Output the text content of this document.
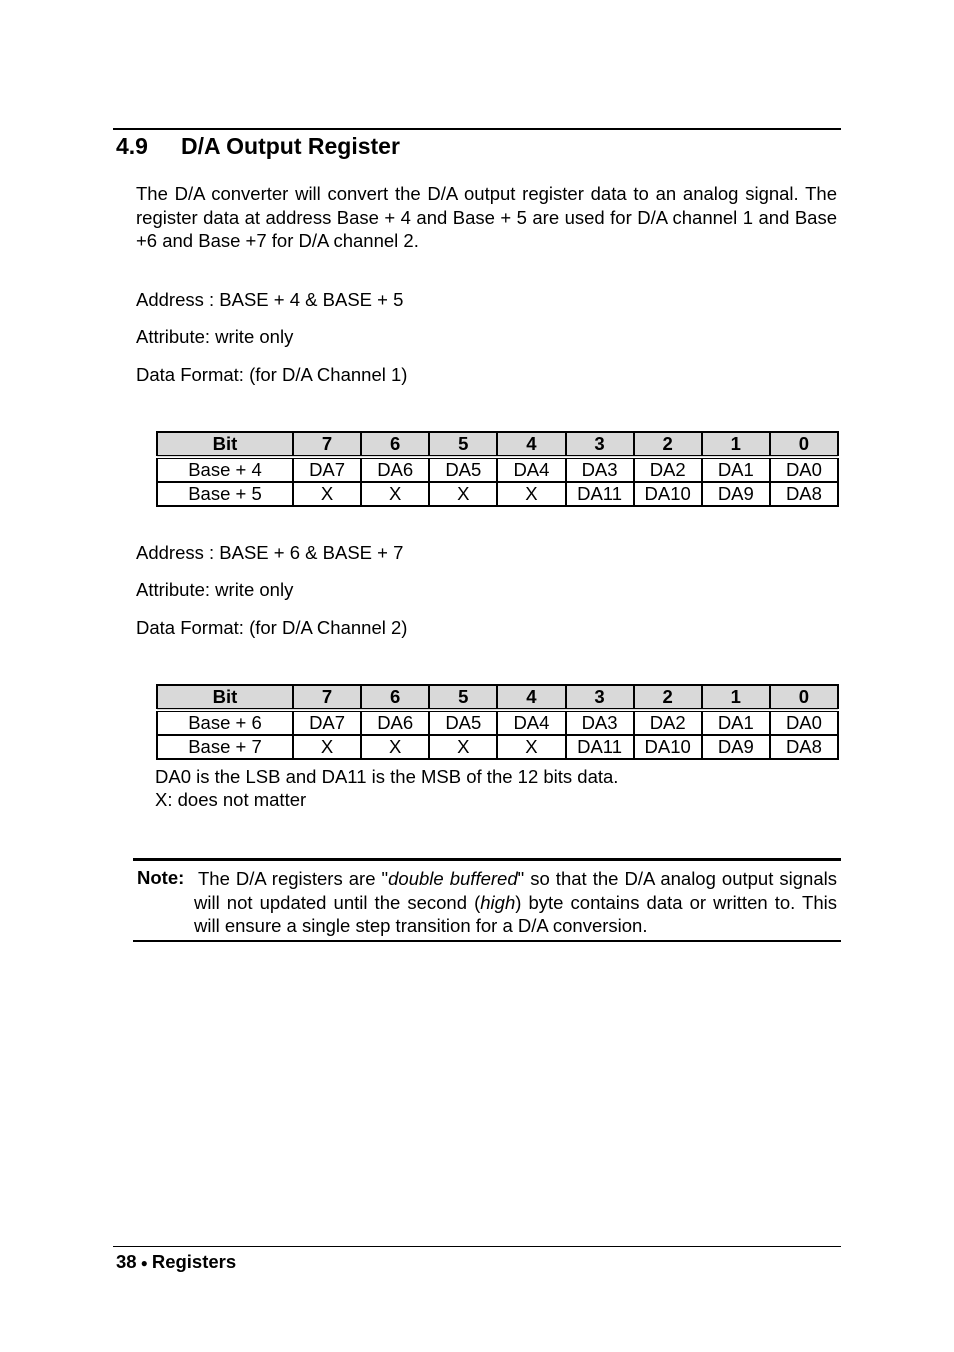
4.9 D/A Output Register
The D/A converter will convert the D/A output register data to an analog signal. The register data at address Base + 4 and Base + 5 are used for D/A channel 1 and Base +6 and Base +7 for D/A channel 2.
Address : BASE + 4 & BASE + 5
Attribute: write only
Data Format: (for D/A Channel 1)
Bit	7	6	5	4	3	2	1	0
Base + 4	DA7	DA6	DA5	DA4	DA3	DA2	DA1	DA0
Base + 5	X	X	X	X	DA11	DA10	DA9	DA8
Address : BASE + 6 & BASE + 7
Attribute: write only
Data Format: (for D/A Channel 2)
Bit	7	6	5	4	3	2	1	0
Base + 6	DA7	DA6	DA5	DA4	DA3	DA2	DA1	DA0
Base + 7	X	X	X	X	DA11	DA10	DA9	DA8
DA0 is the LSB and DA11 is the MSB of the 12 bits data.
X: does not matter
Note: The D/A registers are "double buffered" so that the D/A analog output signals will not updated until the second (high) byte contains data or written to. This will ensure a single step transition for a D/A conversion.
38 ● Registers
